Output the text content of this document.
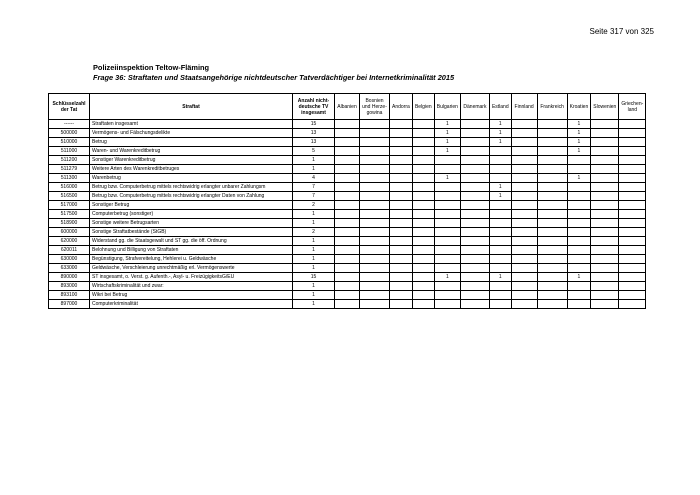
Seite 317 von 325
Polizeiinspektion Teltow-Fläming
Frage 36: Straftaten und Staatsangehörige nichtdeutscher Tatverdächtiger bei Internetkriminalität 2015
Schlüsselzahl der Tat	Straftat	Anzahl nicht-deutsche TV insgesamt	Albanien	Bosnien und Herze-gowina	Andorra	Belgien	Bulgarien	Dänemark	Estland	Finnland	Frankreich	Kroatien	Slowenien	Griechen-land
------	Straftaten insgesamt	15					1		1			1		
500000	Vermögens- und Fälschungsdelikte	13					1		1			1		
510000	Betrug	13					1		1			1		
511000	Waren- und Warenkreditbetrug	5					1					1		
511200	Sonstiger Warenkreditbetrug	1												
511279	Weitere Arten des Warenkreditbetruges	1												
511300	Warenbetrug	4					1					1		
516000	Betrug bzw. Computerbetrug mittels rechtswidrig erlangter unbarer Zahlungsm	7							1					
516500	Betrug bzw. Computerbetrug mittels rechtswidrig erlangter Daten von Zahlung	7							1					
517000	Sonstiger Betrug	2												
517500	Computerbetrug (sonstiger)	1												
518900	Sonstige weitere Betrugsarten	1												
600000	Sonstige Straftatbestände (StGB)	2												
620000	Widerstand gg. die Staatsgewalt und ST gg. die öff. Ordnung	1												
620011	Belohnung und Billigung von Straftaten	1												
630000	Begünstigung, Strafvereitelung, Hehlerei u. Geldwäsche	1												
633000	Geldwäsche, Verschleierung unrechtmäßig erl. Vermögenswerte	1												
890000	ST insgesamt, o. Verst. g. Aufenth.-, Asyl- u. FreizügigkeitsG/EU	15					1		1			1		
893000	Wirtschaftskriminalität und zwar:	1												
893100	Wikri bei Betrug	1												
897000	Computerkriminalität	1												
